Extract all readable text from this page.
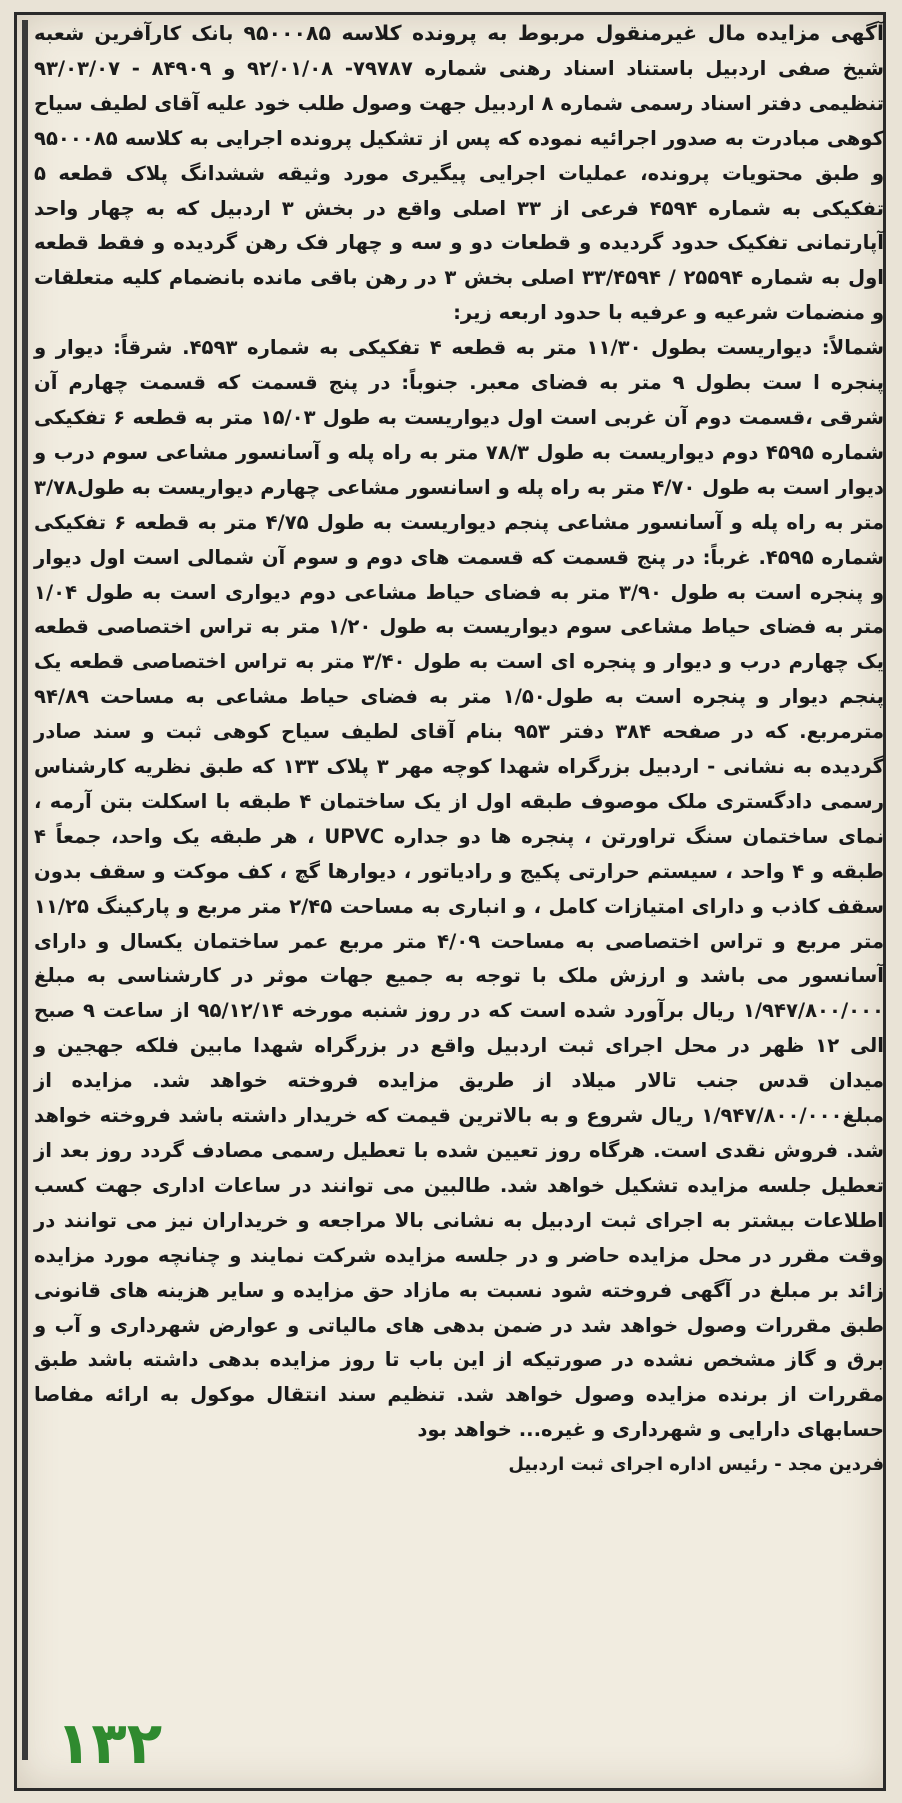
آگهی مزایده مال غیرمنقول مربوط به پرونده کلاسه ۹۵۰۰۰۸۵ بانک کارآفرین شعبه شیخ صفی اردبیل باستناد اسناد رهنی شماره ۷۹۷۸۷- ۹۲/۰۱/۰۸ و ۸۴۹۰۹ - ۹۳/۰۳/۰۷ تنظیمی دفتر اسناد رسمی شماره ۸ اردبیل جهت وصول طلب خود علیه آقای لطیف سیاح کوهی مبادرت به صدور اجرائیه نموده که پس از تشکیل پرونده اجرایی به کلاسه ۹۵۰۰۰۸۵ و طبق محتویات پرونده، عملیات اجرایی پیگیری مورد وثیقه ششدانگ پلاک قطعه ۵ تفکیکی به شماره ۴۵۹۴ فرعی از ۳۳ اصلی واقع در بخش ۳ اردبیل که به چهار واحد آپارتمانی تفکیک حدود گردیده و قطعات دو و سه و چهار فک رهن گردیده و فقط قطعه اول به شماره ۲۵۵۹۴ / ۳۳/۴۵۹۴ اصلی بخش ۳ در رهن باقی مانده بانضمام کلیه متعلقات و منضمات شرعیه و عرفیه با حدود اربعه زیر:

شمالاً: دیواریست بطول ۱۱/۳۰ متر به قطعه ۴ تفکیکی به شماره ۴۵۹۳. شرقاً: دیوار و پنجره ا ست بطول ۹ متر به فضای معبر. جنوباً: در پنج قسمت که قسمت چهارم آن شرقی ،قسمت دوم آن غربی است اول دیواریست به طول ۱۵/۰۳ متر به قطعه ۶ تفکیکی شماره ۴۵۹۵ دوم دیواریست به طول ۷۸/۳ متر به راه پله و آسانسور مشاعی سوم درب و دیوار است به طول ۴/۷۰ متر به راه پله و اسانسور مشاعی چهارم دیواریست به طول۳/۷۸ متر به راه پله و آسانسور مشاعی پنجم دیواریست به طول ۴/۷۵ متر به قطعه ۶ تفکیکی شماره ۴۵۹۵. غرباً: در پنج قسمت که قسمت های دوم و سوم آن شمالی است اول دیوار و پنجره است به طول ۳/۹۰ متر به فضای حیاط مشاعی دوم دیواری است به طول ۱/۰۴ متر به فضای حیاط مشاعی سوم دیواریست به طول ۱/۲۰ متر به تراس اختصاصی قطعه یک چهارم درب و دیوار و پنجره ای است به طول ۳/۴۰ متر به تراس اختصاصی قطعه یک پنجم دیوار و پنجره است به طول۱/۵۰ متر به فضای حیاط مشاعی به مساحت ۹۴/۸۹ مترمربع. که در صفحه ۳۸۴ دفتر ۹۵۳ بنام آقای لطیف سیاح کوهی ثبت و سند صادر گردیده به نشانی - اردبیل بزرگراه شهدا کوچه مهر ۳ پلاک ۱۳۳ که طبق نظریه کارشناس رسمی دادگستری ملک موصوف طبقه اول از یک ساختمان ۴ طبقه با اسکلت بتن آرمه ، نمای ساختمان سنگ تراورتن ، پنجره ها دو جداره UPVC ، هر طبقه یک واحد، جمعاً ۴ طبقه و ۴ واحد ، سیستم حرارتی پکیج و رادیاتور ، دیوارها گچ ، کف موکت و سقف بدون سقف کاذب و دارای امتیازات کامل ، و انباری به مساحت ۲/۴۵ متر مربع و پارکینگ ۱۱/۲۵ متر مربع و تراس اختصاصی به مساحت ۴/۰۹ متر مربع عمر ساختمان یکسال و دارای آسانسور می باشد و ارزش ملک با توجه به جمیع جهات موثر در کارشناسی به مبلغ ۱/۹۴۷/۸۰۰/۰۰۰ ریال برآورد شده است که در روز شنبه مورخه ۹۵/۱۲/۱۴ از ساعت ۹ صبح الی ۱۲ ظهر در محل اجرای ثبت اردبیل واقع در بزرگراه شهدا مابین فلکه جهجین و میدان قدس جنب تالار میلاد از طریق مزایده فروخته خواهد شد. مزایده از مبلغ۱/۹۴۷/۸۰۰/۰۰۰ ریال شروع و به بالاترین قیمت که خریدار داشته باشد فروخته خواهد شد. فروش نقدی است. هرگاه روز تعیین شده با تعطیل رسمی مصادف گردد روز بعد از تعطیل جلسه مزایده تشکیل خواهد شد. طالبین می توانند در ساعات اداری جهت کسب اطلاعات بیشتر به اجرای ثبت اردبیل به نشانی بالا مراجعه و خریداران نیز می توانند در وقت مقرر در محل مزایده حاضر و در جلسه مزایده شرکت نمایند و چنانچه مورد مزایده زائد بر مبلغ در آگهی فروخته شود نسبت به مازاد حق مزایده و سایر هزینه های قانونی طبق مقررات وصول خواهد شد در ضمن بدهی های مالیاتی و عوارض شهرداری و آب و برق و گاز مشخص نشده در صورتیکه از این باب تا روز مزایده بدهی داشته باشد طبق مقررات از برنده مزایده وصول خواهد شد. تنظیم سند انتقال موکول به ارائه مفاصا حسابهای دارایی و شهرداری و غیره... خواهد بود

فردین مجد - رئیس اداره اجرای ثبت اردبیل

۱۳۲
